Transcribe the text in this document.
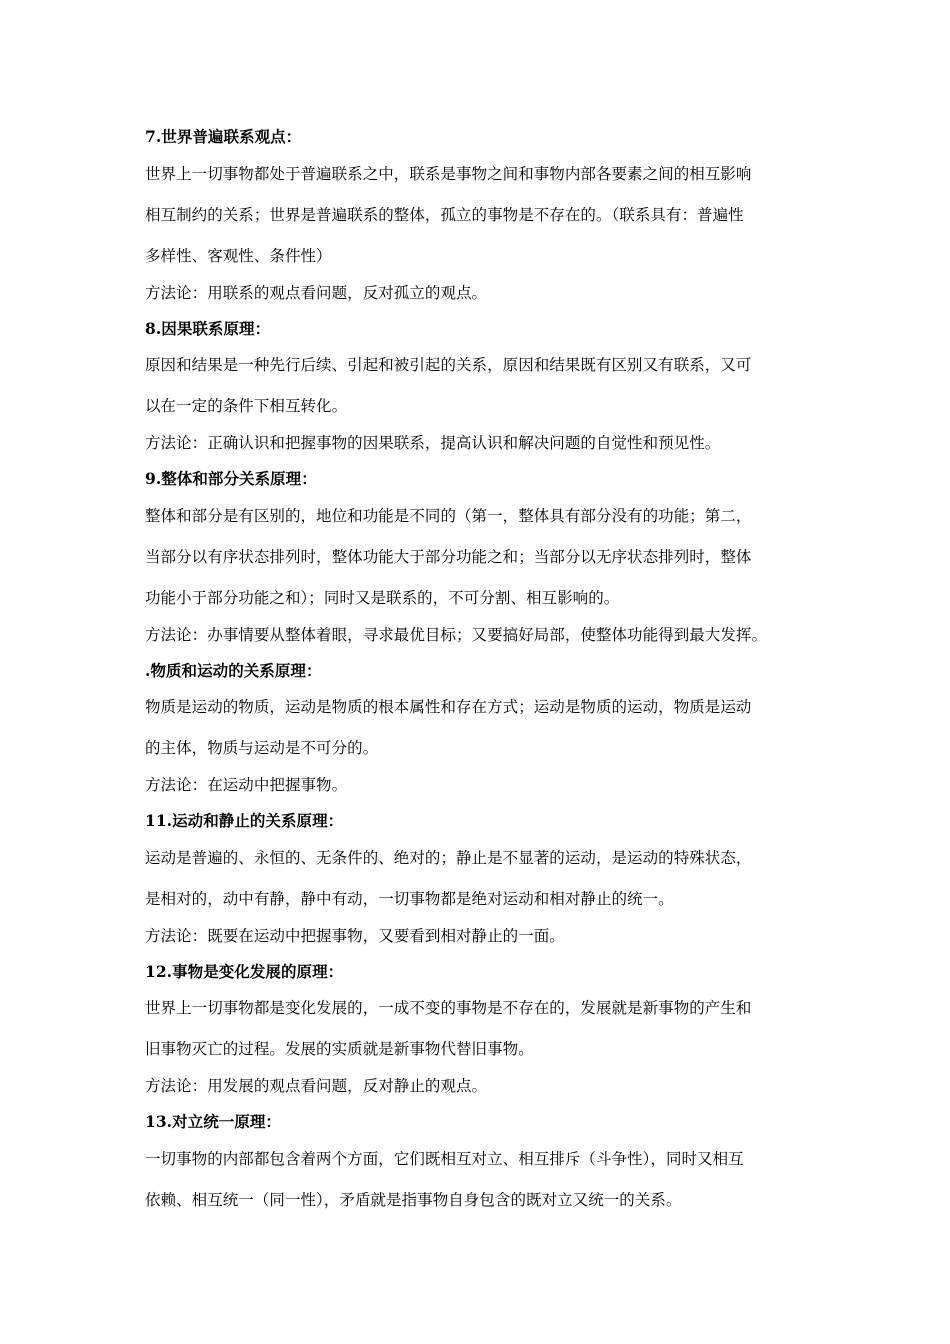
7.世界普遍联系观点：
世界上一切事物都处于普遍联系之中，联系是事物之间和事物内部各要素之间的相互影响
相互制约的关系；世界是普遍联系的整体，孤立的事物是不存在的。（联系具有：普遍性
多样性、客观性、条件性）
方法论：用联系的观点看问题，反对孤立的观点。
8.因果联系原理：
原因和结果是一种先行后续、引起和被引起的关系，原因和结果既有区别又有联系，又可
以在一定的条件下相互转化。
方法论：正确认识和把握事物的因果联系，提高认识和解决问题的自觉性和预见性。
9.整体和部分关系原理：
整体和部分是有区别的，地位和功能是不同的（第一，整体具有部分没有的功能；第二，
当部分以有序状态排列时，整体功能大于部分功能之和；当部分以无序状态排列时，整体
功能小于部分功能之和）；同时又是联系的，不可分割、相互影响的。
方法论：办事情要从整体着眼，寻求最优目标；又要搞好局部，使整体功能得到最大发挥。
.物质和运动的关系原理：
物质是运动的物质，运动是物质的根本属性和存在方式；运动是物质的运动，物质是运动
的主体，物质与运动是不可分的。
方法论：在运动中把握事物。
11.运动和静止的关系原理：
运动是普遍的、永恒的、无条件的、绝对的；静止是不显著的运动，是运动的特殊状态，
是相对的，动中有静，静中有动，一切事物都是绝对运动和相对静止的统一。
方法论：既要在运动中把握事物，又要看到相对静止的一面。
12.事物是变化发展的原理：
世界上一切事物都是变化发展的，一成不变的事物是不存在的，发展就是新事物的产生和
旧事物灭亡的过程。发展的实质就是新事物代替旧事物。
方法论：用发展的观点看问题，反对静止的观点。
13.对立统一原理：
一切事物的内部都包含着两个方面，它们既相互对立、相互排斥（斗争性），同时又相互
依赖、相互统一（同一性），矛盾就是指事物自身包含的既对立又统一的关系。
